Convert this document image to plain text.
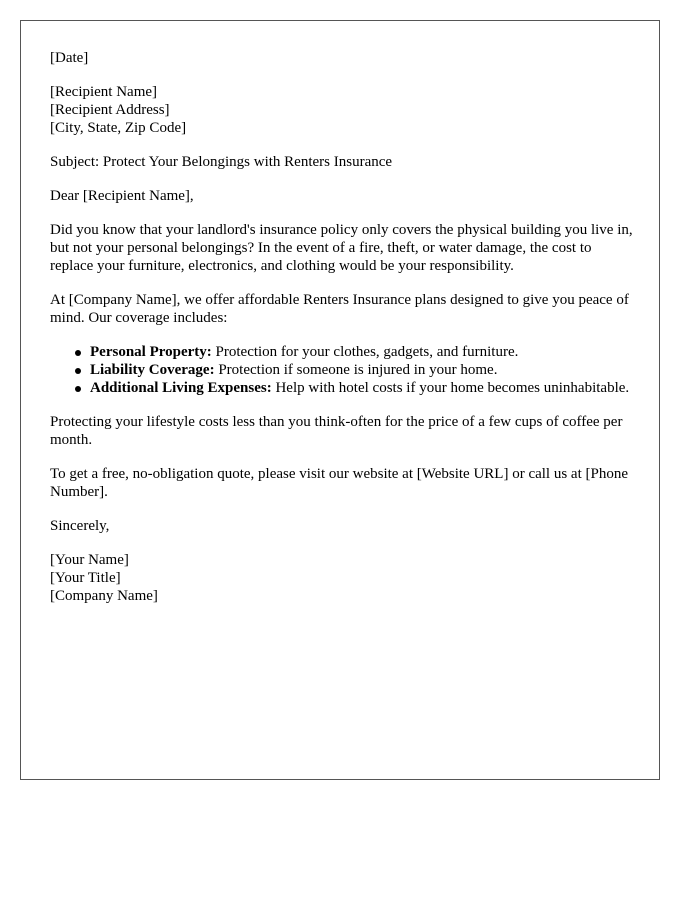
[Date]

[Recipient Name]
[Recipient Address]
[City, State, Zip Code]

Subject: Protect Your Belongings with Renters Insurance

Dear [Recipient Name],

Did you know that your landlord's insurance policy only covers the physical building you live in, but not your personal belongings? In the event of a fire, theft, or water damage, the cost to replace your furniture, electronics, and clothing would be your responsibility.

At [Company Name], we offer affordable Renters Insurance plans designed to give you peace of mind. Our coverage includes:

Personal Property: Protection for your clothes, gadgets, and furniture.
Liability Coverage: Protection if someone is injured in your home.
Additional Living Expenses: Help with hotel costs if your home becomes uninhabitable.

Protecting your lifestyle costs less than you think-often for the price of a few cups of coffee per month.

To get a free, no-obligation quote, please visit our website at [Website URL] or call us at [Phone Number].

Sincerely,

[Your Name]
[Your Title]
[Company Name]
